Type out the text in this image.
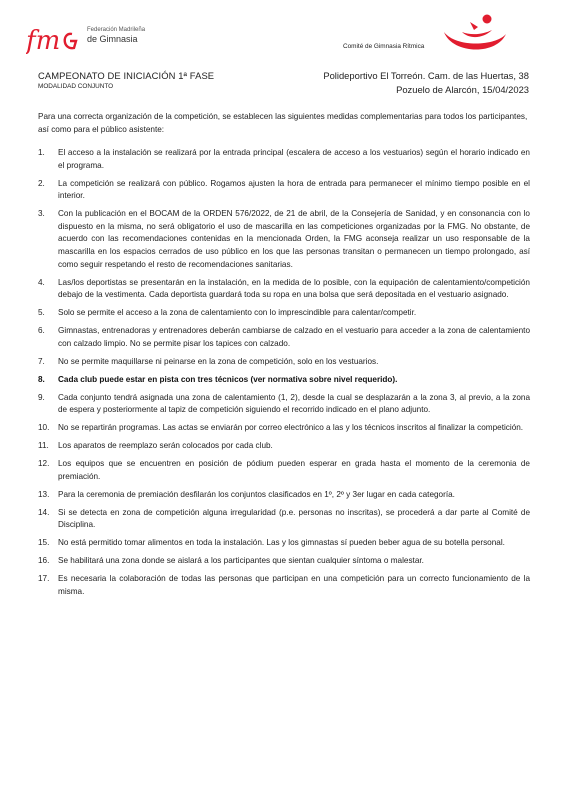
fm	Federación Madrileña
de Gimnasia
Comité de Gimnasia Rítmica
CAMPEONATO DE INICIACIÓN 1ª FASE
MODALIDAD CONJUNTO
Polideportivo El Torreón. Cam. de las Huertas, 38
Pozuelo de Alarcón, 15/04/2023

Para una correcta organización de la competición, se establecen las siguientes medidas complementarias para todos los participantes, así como para el público asistente:

1. El acceso a la instalación se realizará por la entrada principal (escalera de acceso a los vestuarios) según el horario indicado en el programa.
2. La competición se realizará con público. Rogamos ajusten la hora de entrada para permanecer el mínimo tiempo posible en el interior.
3. Con la publicación en el BOCAM de la ORDEN 576/2022, de 21 de abril, de la Consejería de Sanidad, y en consonancia con lo dispuesto en la misma, no será obligatorio el uso de mascarilla en las competiciones organizadas por la FMG. No obstante, de acuerdo con las recomendaciones contenidas en la mencionada Orden, la FMG aconseja realizar un uso responsable de la mascarilla en los espacios cerrados de uso público en los que las personas transitan o permanecen un tiempo prolongado, así como seguir respetando el resto de recomendaciones sanitarias.
4. Las/los deportistas se presentarán en la instalación, en la medida de lo posible, con la equipación de calentamiento/competición debajo de la vestimenta. Cada deportista guardará toda su ropa en una bolsa que será depositada en el vestuario asignado.
5. Solo se permite el acceso a la zona de calentamiento con lo imprescindible para calentar/competir.
6. Gimnastas, entrenadoras y entrenadores deberán cambiarse de calzado en el vestuario para acceder a la zona de calentamiento con calzado limpio. No se permite pisar los tapices con calzado.
7. No se permite maquillarse ni peinarse en la zona de competición, solo en los vestuarios.
8. Cada club puede estar en pista con tres técnicos (ver normativa sobre nivel requerido).
9. Cada conjunto tendrá asignada una zona de calentamiento (1, 2), desde la cual se desplazarán a la zona 3, al previo, a la zona de espera y posteriormente al tapiz de competición siguiendo el recorrido indicado en el plano adjunto.
10. No se repartirán programas. Las actas se enviarán por correo electrónico a las y los técnicos inscritos al finalizar la competición.
11. Los aparatos de reemplazo serán colocados por cada club.
12. Los equipos que se encuentren en posición de pódium pueden esperar en grada hasta el momento de la ceremonia de premiación.
13. Para la ceremonia de premiación desfilarán los conjuntos clasificados en 1º, 2º y 3er lugar en cada categoría.
14. Si se detecta en zona de competición alguna irregularidad (p.e. personas no inscritas), se procederá a dar parte al Comité de Disciplina.
15. No está permitido tomar alimentos en toda la instalación. Las y los gimnastas sí pueden beber agua de su botella personal.
16. Se habilitará una zona donde se aislará a los participantes que sientan cualquier síntoma o malestar.
17. Es necesaria la colaboración de todas las personas que participan en una competición para un correcto funcionamiento de la misma.
